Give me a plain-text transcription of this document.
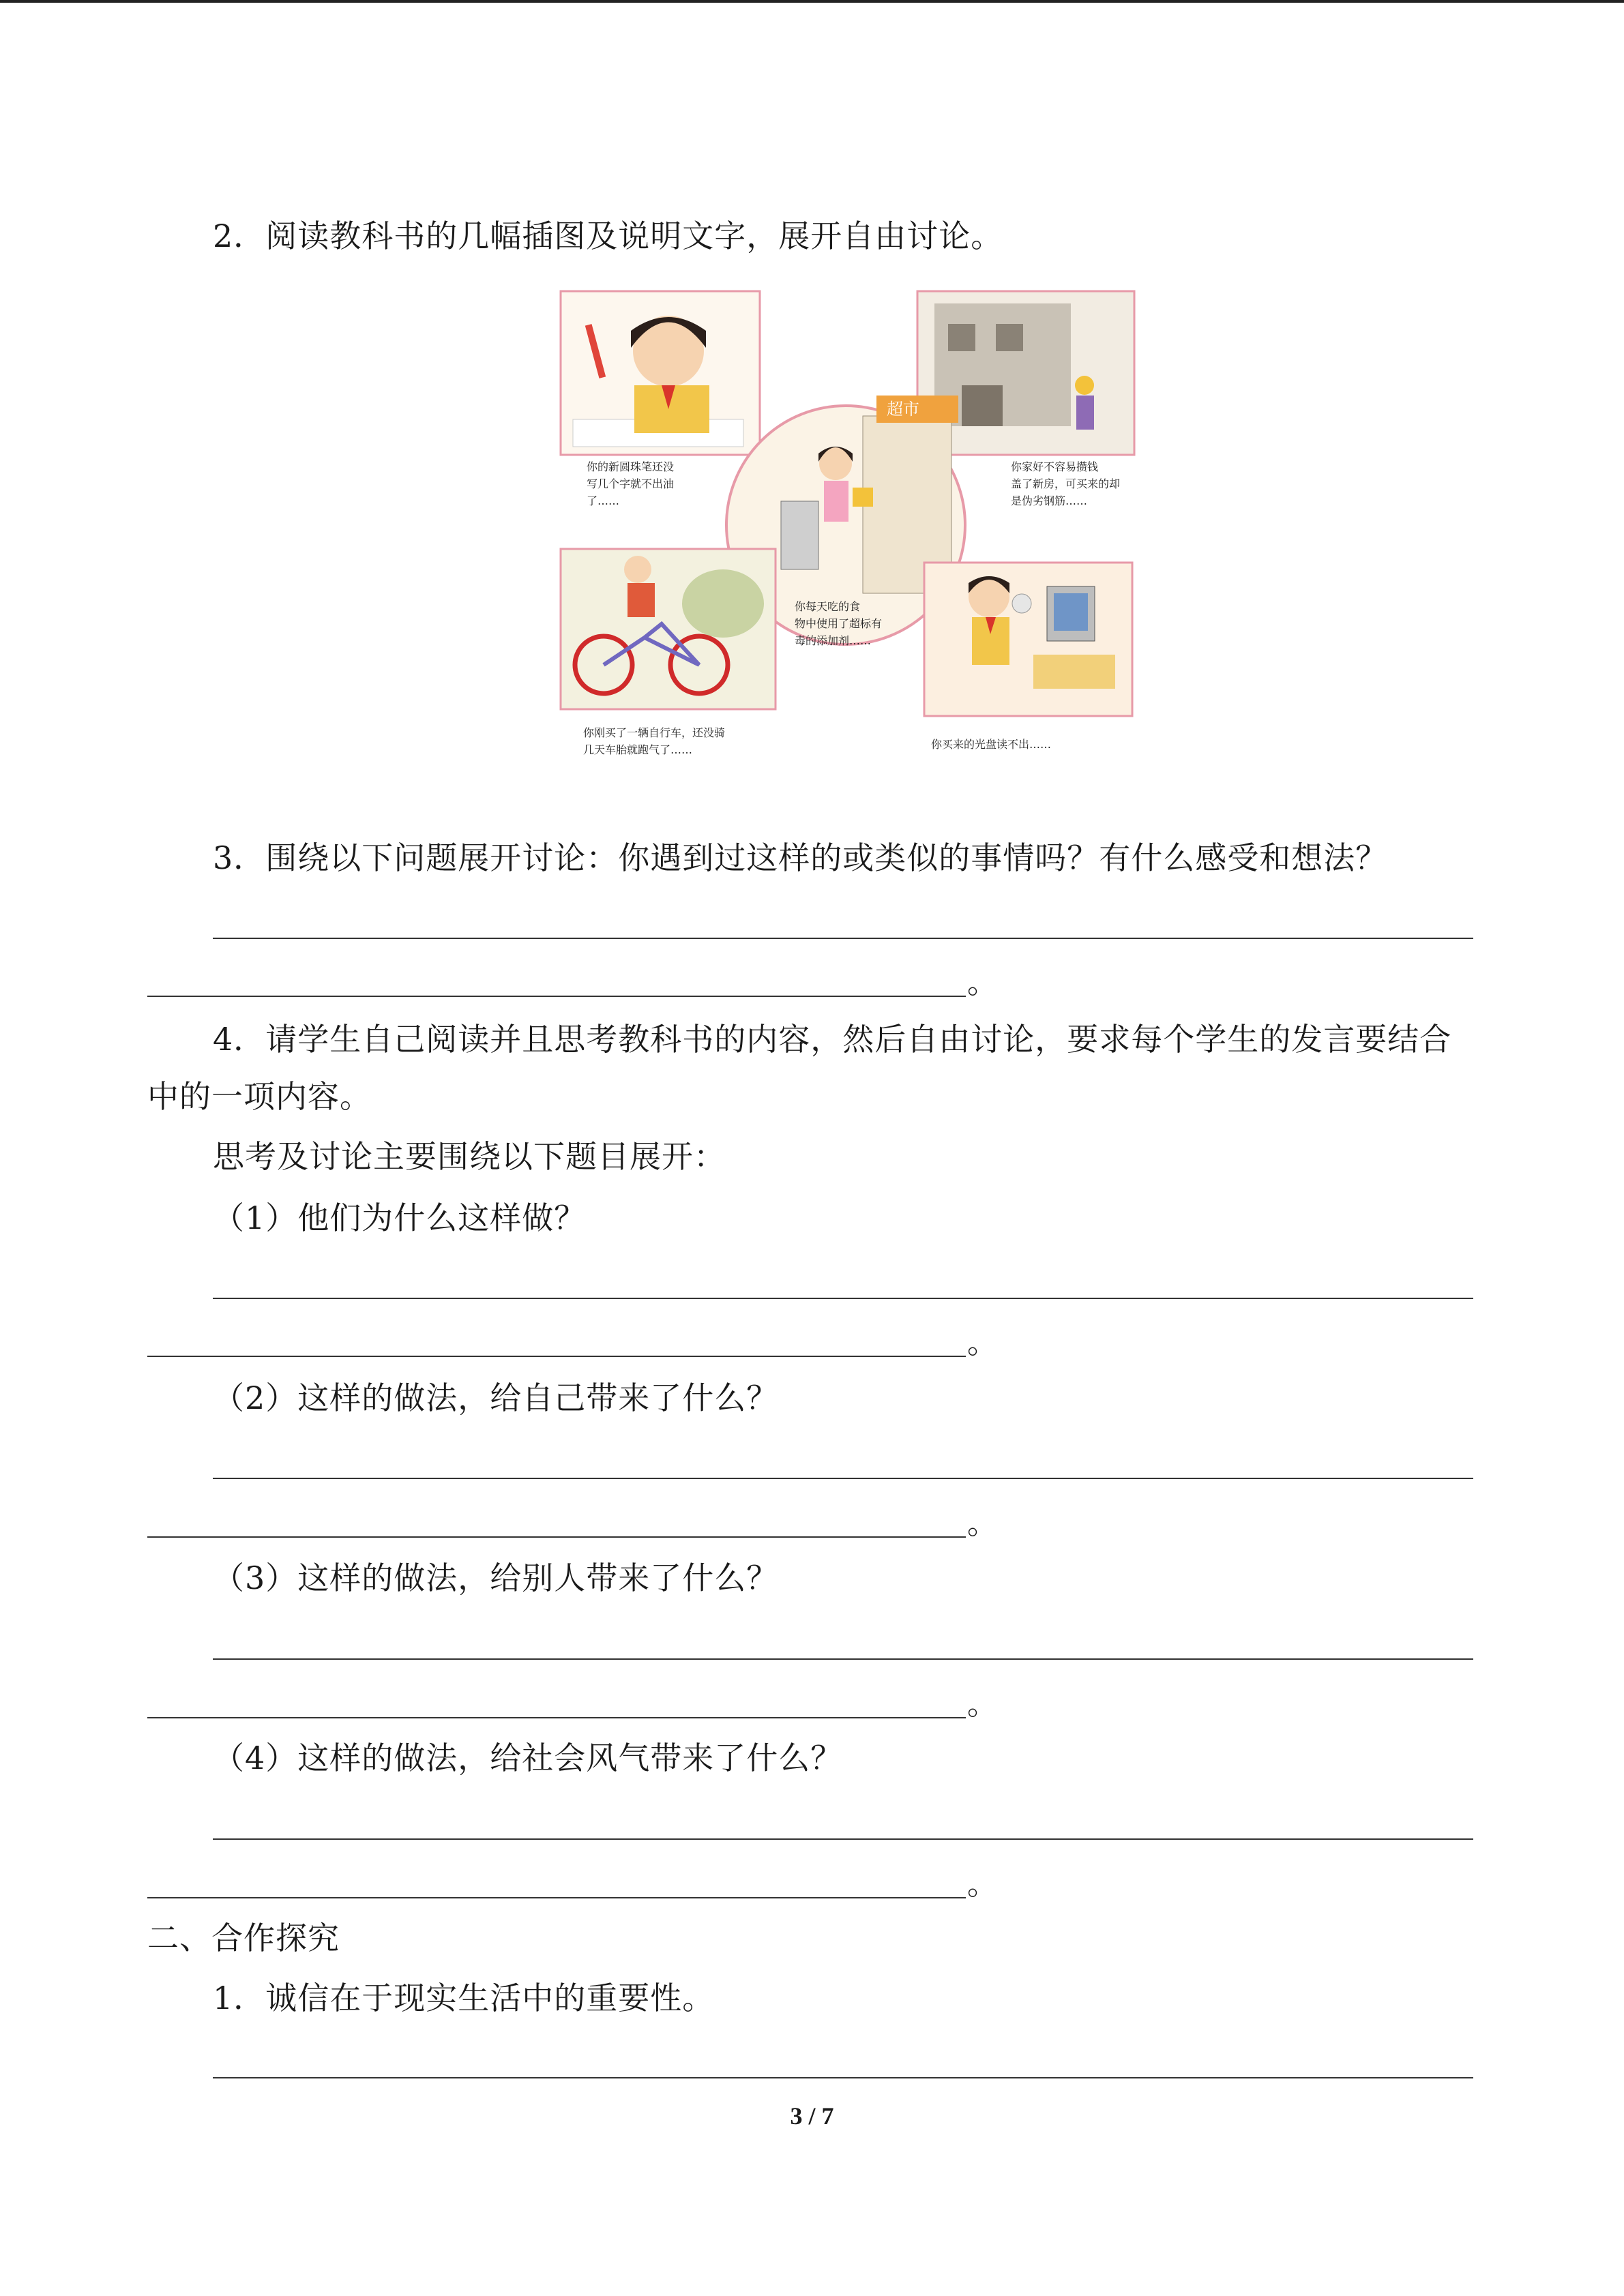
2．阅读教科书的几幅插图及说明文字，展开自由讨论。
超市
你的新圆珠笔还没
写几个字就不出油
了……
你家好不容易攒钱
盖了新房，可买来的却
是伪劣钢筋……
你每天吃的食
物中使用了超标有
毒的添加剂……
你刚买了一辆自行车，还没骑
几天车胎就跑气了……	你买来的光盘读不出……
3．围绕以下问题展开讨论：你遇到过这样的或类似的事情吗？有什么感受和想法？
。
4．请学生自己阅读并且思考教科书的内容，然后自由讨论，要求每个学生的发言要结合
中的一项内容。
思考及讨论主要围绕以下题目展开：
（1）他们为什么这样做？
。
（2）这样的做法，给自己带来了什么？
。
（3）这样的做法，给别人带来了什么？
。
（4）这样的做法，给社会风气带来了什么？
。
二、合作探究
1．诚信在于现实生活中的重要性。
3 / 7
